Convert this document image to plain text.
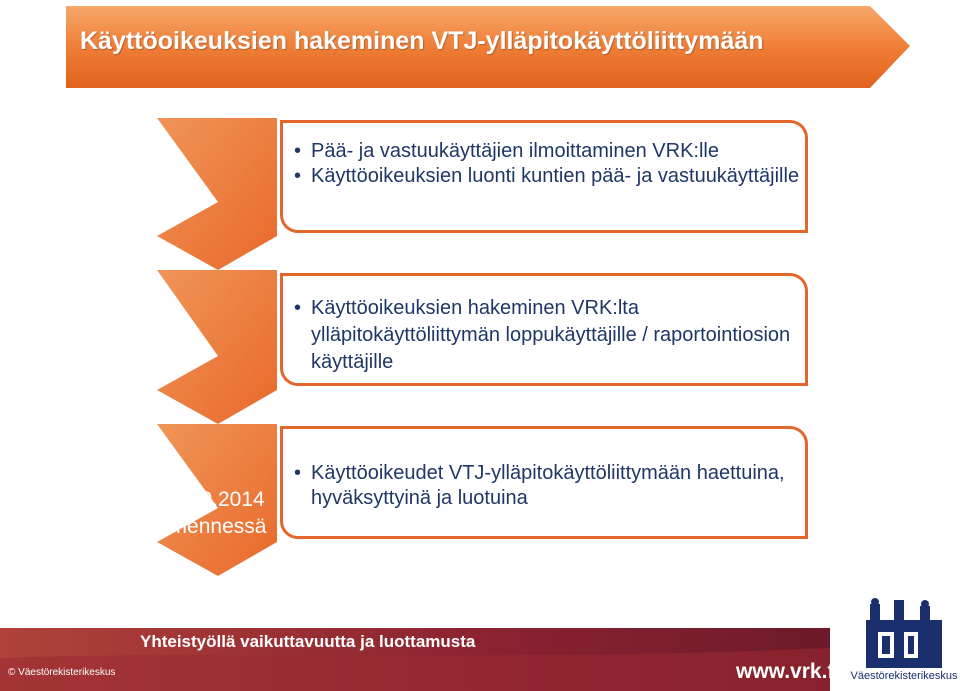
Käyttöoikeuksien hakeminen VTJ-ylläpitokäyttöliittymään
• Pää- ja vastuukäyttäjien ilmoittaminen VRK:lle
• Käyttöoikeuksien luonti kuntien pää- ja vastuukäyttäjille
• Käyttöoikeuksien hakeminen VRK:lta ylläpitokäyttöliittymän loppukäyttäjille / raportointiosion käyttäjille
• Käyttöoikeudet VTJ-ylläpitokäyttöliittymään haettuina, hyväksyttyinä ja luotuina
1.10.2014
mennessä
Yhteistyöllä vaikuttavuutta ja luottamusta
© Väestörekisterikeskus	www.vrk.fi Väestörekisterikeskus
